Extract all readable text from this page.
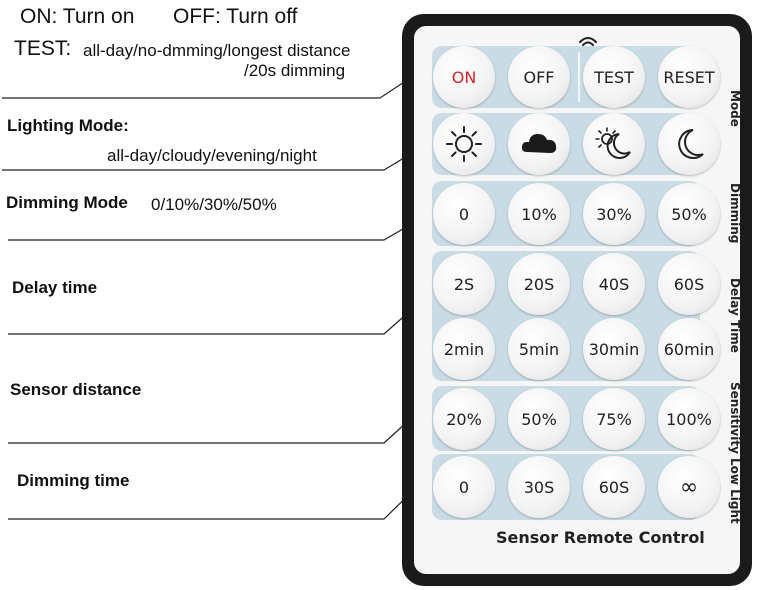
ON: Turn on OFF: Turn off
TEST: all-day/no-dmming/longest distance
/20s dimming
Lighting Mode:
all-day/cloudy/evening/night
Dimming Mode 0/10%/30%/50%
Delay time
Sensor distance
Dimming time
ON	OFF	TEST	RESET
0	10%	30%	50%
2S	20S	40S	60S
2min	5min	30min	60min
20%	50%	75%	100%
0	30S	60S	∞
Mode
Dimming
Delay Time
Sensitivity
Low Light
Sensor Remote Control
